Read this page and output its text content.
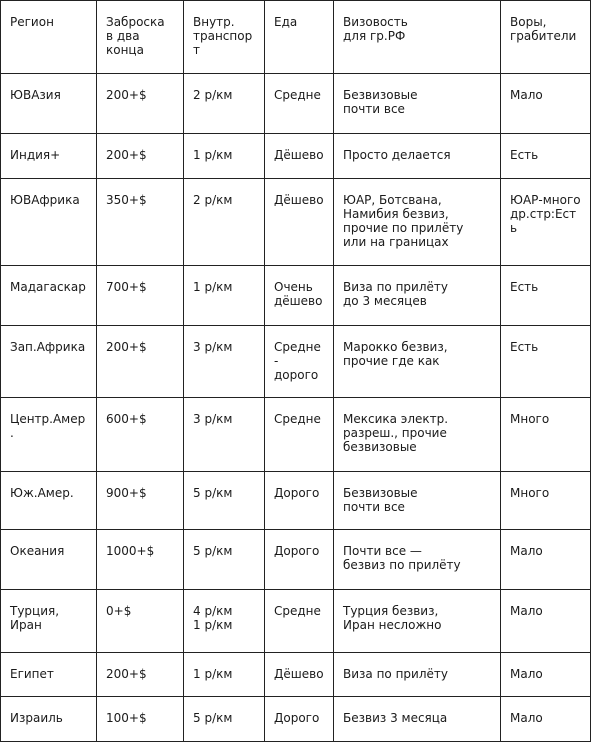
Регион	Заброска
в два
конца	Внутр.
транспор
т	Еда	Визовость
для гр.РФ	Воры,
грабители
ЮВАзия	200+$	2 р/км	Средне	Безвизовые
почти все	Мало
Индия+	200+$	1 р/км	Дёшево	Просто делается	Есть
ЮВАфрика	350+$	2 р/км	Дёшево	ЮАР, Ботсвана,
Намибия безвиз,
прочие по прилёту
или на границах	ЮАР-много
др.стр:Ест
ь
Мадагаскар	700+$	1 р/км	Очень
дёшево	Виза по прилёту
до 3 месяцев	Есть
Зап.Африка	200+$	3 р/км	Средне
-
дорого	Марокко безвиз,
прочие где как	Есть
Центр.Амер
.	600+$	3 р/км	Средне	Мексика электр.
разреш., прочие
безвизовые	Много
Юж.Амер.	900+$	5 р/км	Дорого	Безвизовые
почти все	Много
Океания	1000+$	5 р/км	Дорого	Почти все —
безвиз по прилёту	Мало
Турция,
Иран	0+$	4 р/км
1 р/км	Средне	Турция безвиз,
Иран несложно	Мало
Египет	200+$	1 р/км	Дёшево	Виза по прилёту	Мало
Израиль	100+$	5 р/км	Дорого	Безвиз 3 месяца	Мало
